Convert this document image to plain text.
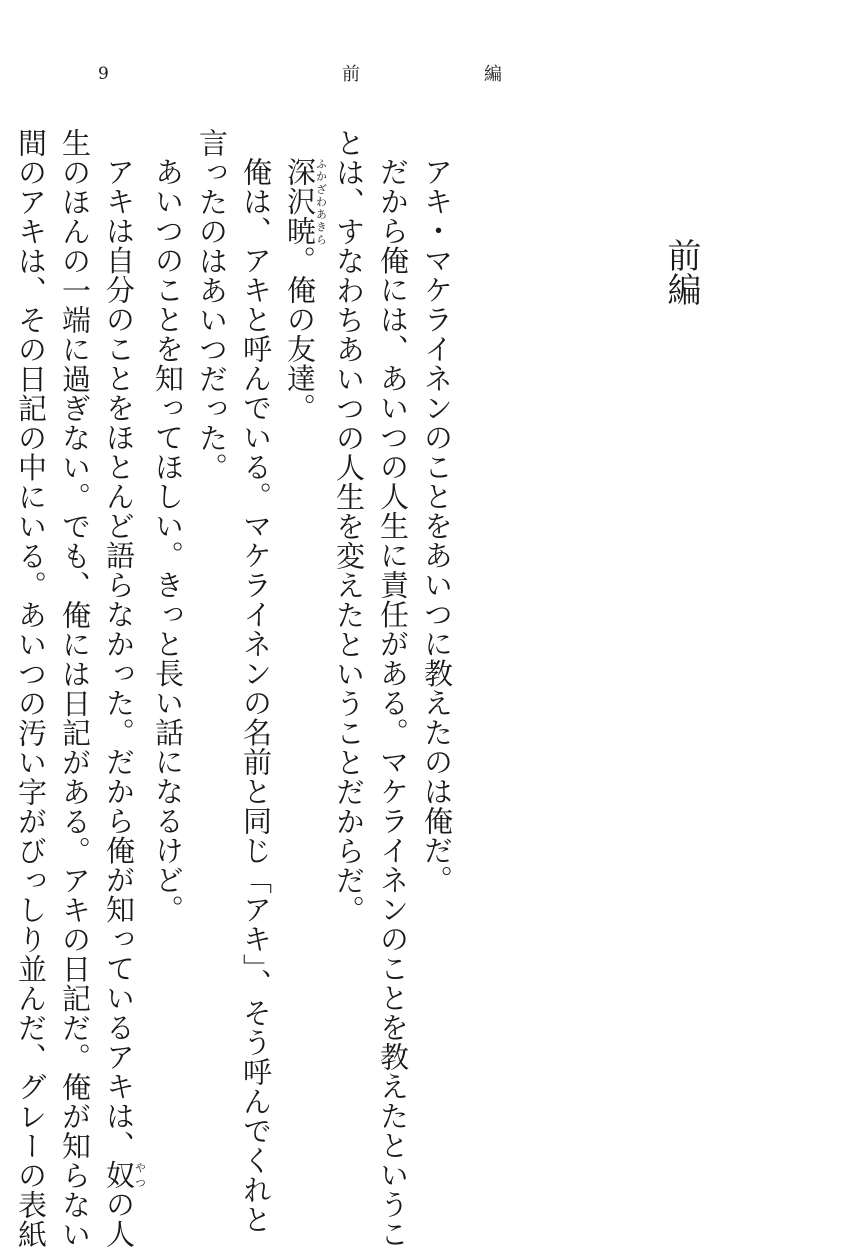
9	前	編
前編

アキ・マケライネンのことをあいつに教えたのは俺だ。

だから俺には、あいつの人生に責任がある。マケライネンのことを教えたというこ

とは、すなわちあいつの人生を変えたということだからだ。

深沢暁ふかざわあきら。俺の友達。

俺は、アキと呼んでいる。マケライネンの名前と同じ「アキ」、そう呼んでくれと

言ったのはあいつだった。

あいつのことを知ってほしい。きっと長い話になるけど。

アキは自分のことをほとんど語らなかった。だから俺が知っているアキは、奴やつの人

生のほんの一端に過ぎない。でも、俺には日記がある。アキの日記だ。俺が知らない

間のアキは、その日記の中にいる。あいつの汚い字がびっしり並んだ、グレーの表紙
